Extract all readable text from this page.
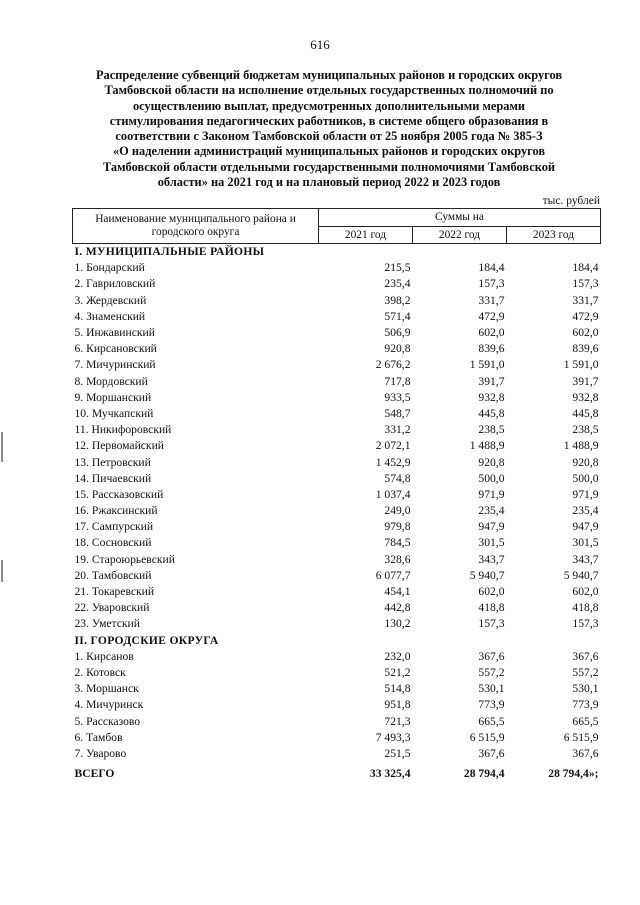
616
Распределение субвенций бюджетам муниципальных районов и городских округов
Тамбовской области на исполнение отдельных государственных полномочий по
осуществлению выплат, предусмотренных дополнительными мерами
стимулирования педагогических работников, в системе общего образования в
соответствии с Законом Тамбовской области от 25 ноября 2005 года № 385-З
«О наделении администраций муниципальных районов и городских округов
Тамбовской области отдельными государственными полномочиями Тамбовской
области» на 2021 год и на плановый период 2022 и 2023 годов
тыс. рублей
Наименование муниципального района и городского округа	Суммы на		
	2021 год	2022 год	2023 год
I. МУНИЦИПАЛЬНЫЕ РАЙОНЫ			
1. Бондарский	215,5	184,4	184,4
2. Гавриловский	235,4	157,3	157,3
3. Жердевский	398,2	331,7	331,7
4. Знаменский	571,4	472,9	472,9
5. Инжавинский	506,9	602,0	602,0
6. Кирсановский	920,8	839,6	839,6
7. Мичуринский	2 676,2	1 591,0	1 591,0
8. Мордовский	717,8	391,7	391,7
9. Моршанский	933,5	932,8	932,8
10. Мучкапский	548,7	445,8	445,8
11. Никифоровский	331,2	238,5	238,5
12. Первомайский	2 072,1	1 488,9	1 488,9
13. Петровский	1 452,9	920,8	920,8
14. Пичаевский	574,8	500,0	500,0
15. Рассказовский	1 037,4	971,9	971,9
16. Ржаксинский	249,0	235,4	235,4
17. Сампурский	979,8	947,9	947,9
18. Сосновский	784,5	301,5	301,5
19. Староюрьевский	328,6	343,7	343,7
20. Тамбовский	6 077,7	5 940,7	5 940,7
21. Токаревский	454,1	602,0	602,0
22. Уваровский	442,8	418,8	418,8
23. Уметский	130,2	157,3	157,3
II. ГОРОДСКИЕ ОКРУГА			
1. Кирсанов	232,0	367,6	367,6
2. Котовск	521,2	557,2	557,2
3. Моршанск	514,8	530,1	530,1
4. Мичуринск	951,8	773,9	773,9
5. Рассказово	721,3	665,5	665,5
6. Тамбов	7 493,3	6 515,9	6 515,9
7. Уварово	251,5	367,6	367,6
ВСЕГО	33 325,4	28 794,4	28 794,4»;
